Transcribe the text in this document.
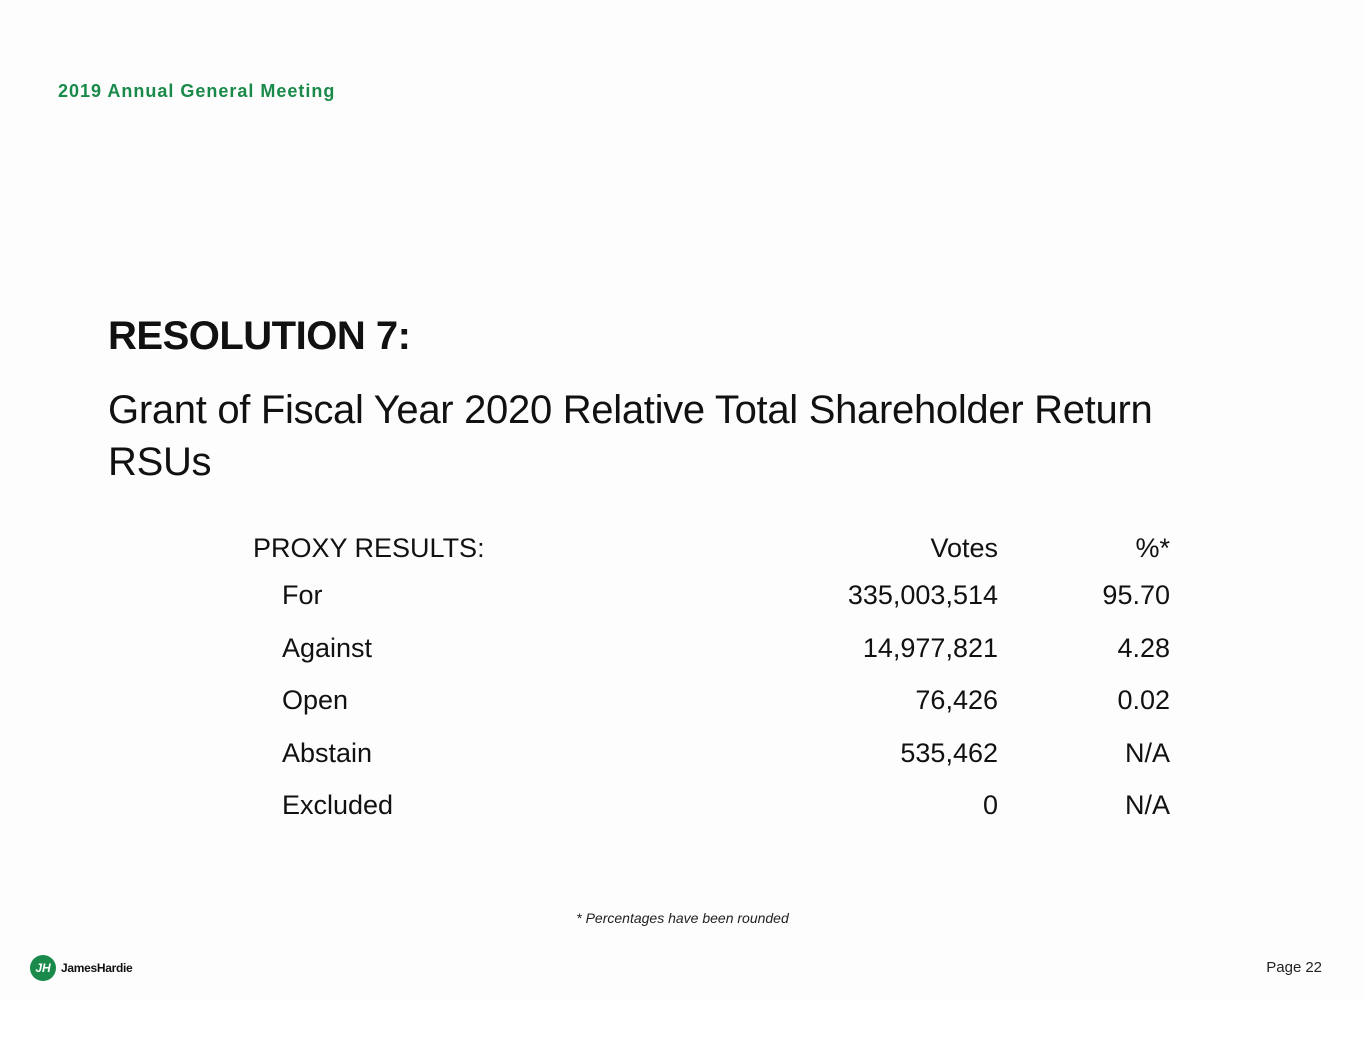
2019 Annual General Meeting
RESOLUTION 7:
Grant of Fiscal Year 2020 Relative Total Shareholder Return RSUs
PROXY RESULTS:	Votes	%*
For	335,003,514	95.70
Against	14,977,821	4.28
Open	76,426	0.02
Abstain	535,462	N/A
Excluded	0	N/A
* Percentages have been rounded
JH JamesHardie	Page 22
